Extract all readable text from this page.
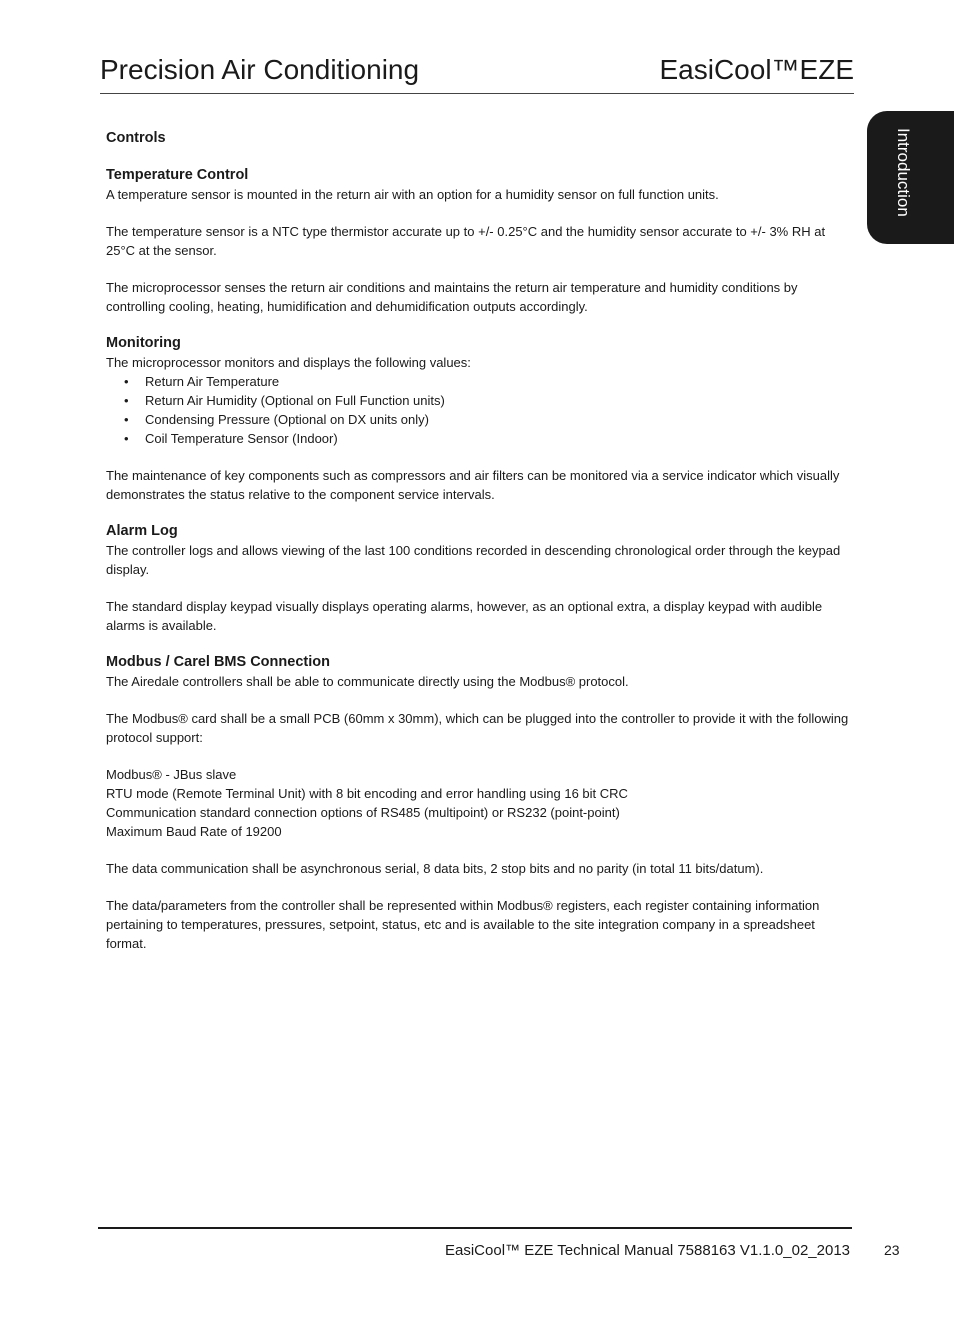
Precision Air Conditioning	EasiCool™EZE
Introduction
Controls
Temperature Control

A temperature sensor is mounted in the return air with an option for a humidity sensor on full function units.

The temperature sensor is a NTC type thermistor accurate up to +/- 0.25°C and the humidity sensor accurate to +/- 3% RH at 25°C at the sensor.

The microprocessor senses the return air conditions and maintains the return air temperature and humidity conditions by controlling cooling, heating, humidification and dehumidification outputs accordingly.

Monitoring

The microprocessor monitors and displays the following values:

• Return Air Temperature
• Return Air Humidity (Optional on Full Function units)
• Condensing Pressure (Optional on DX units only)
• Coil Temperature Sensor (Indoor)

The maintenance of key components such as compressors and air filters can be monitored via a service indicator which visually demonstrates the status relative to the component service intervals.

Alarm Log

The controller logs and allows viewing of the last 100 conditions recorded in descending chronological order through the keypad display.

The standard display keypad visually displays operating alarms, however, as an optional extra, a display keypad with audible alarms is available.

Modbus / Carel BMS Connection

The Airedale controllers shall be able to communicate directly using the Modbus® protocol.

The Modbus® card shall be a small PCB (60mm x 30mm), which can be plugged into the controller to provide it with the following protocol support:

Modbus® - JBus slave

RTU mode (Remote Terminal Unit) with 8 bit encoding and error handling using 16 bit CRC

Communication standard connection options of RS485 (multipoint) or RS232 (point-point)

Maximum Baud Rate of 19200

The data communication shall be asynchronous serial, 8 data bits, 2 stop bits and no parity (in total 11 bits/datum).

The data/parameters from the controller shall be represented within Modbus® registers, each register containing information pertaining to temperatures, pressures, setpoint, status, etc and is available to the site integration company in a spreadsheet format.

EasiCool™ EZE Technical Manual 7588163 V1.1.0_02_2013 23
